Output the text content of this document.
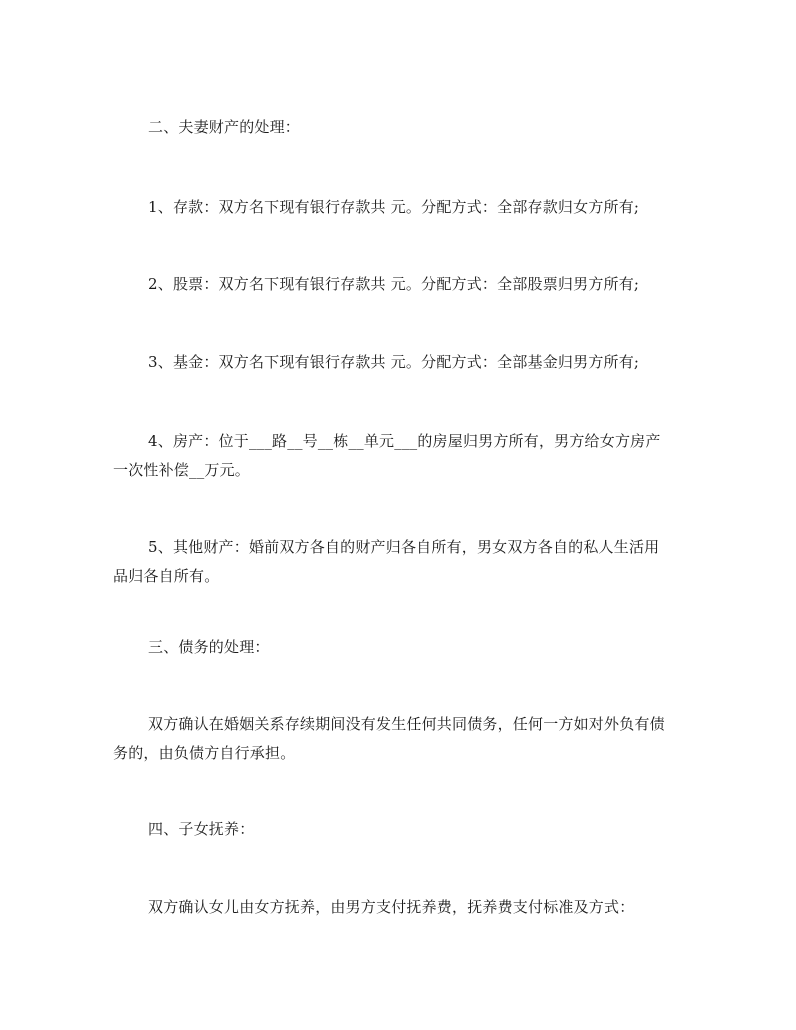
二、夫妻财产的处理：

1、存款：双方名下现有银行存款共 元。分配方式：全部存款归女方所有;

2、股票：双方名下现有银行存款共 元。分配方式：全部股票归男方所有;

3、基金：双方名下现有银行存款共 元。分配方式：全部基金归男方所有;

4、房产：位于___路__号__栋__单元___的房屋归男方所有，男方给女方房产
一次性补偿__万元。

5、其他财产：婚前双方各自的财产归各自所有，男女双方各自的私人生活用
品归各自所有。

三、债务的处理：

双方确认在婚姻关系存续期间没有发生任何共同债务，任何一方如对外负有债
务的，由负债方自行承担。

四、子女抚养：

双方确认女儿由女方抚养，由男方支付抚养费，抚养费支付标准及方式：
